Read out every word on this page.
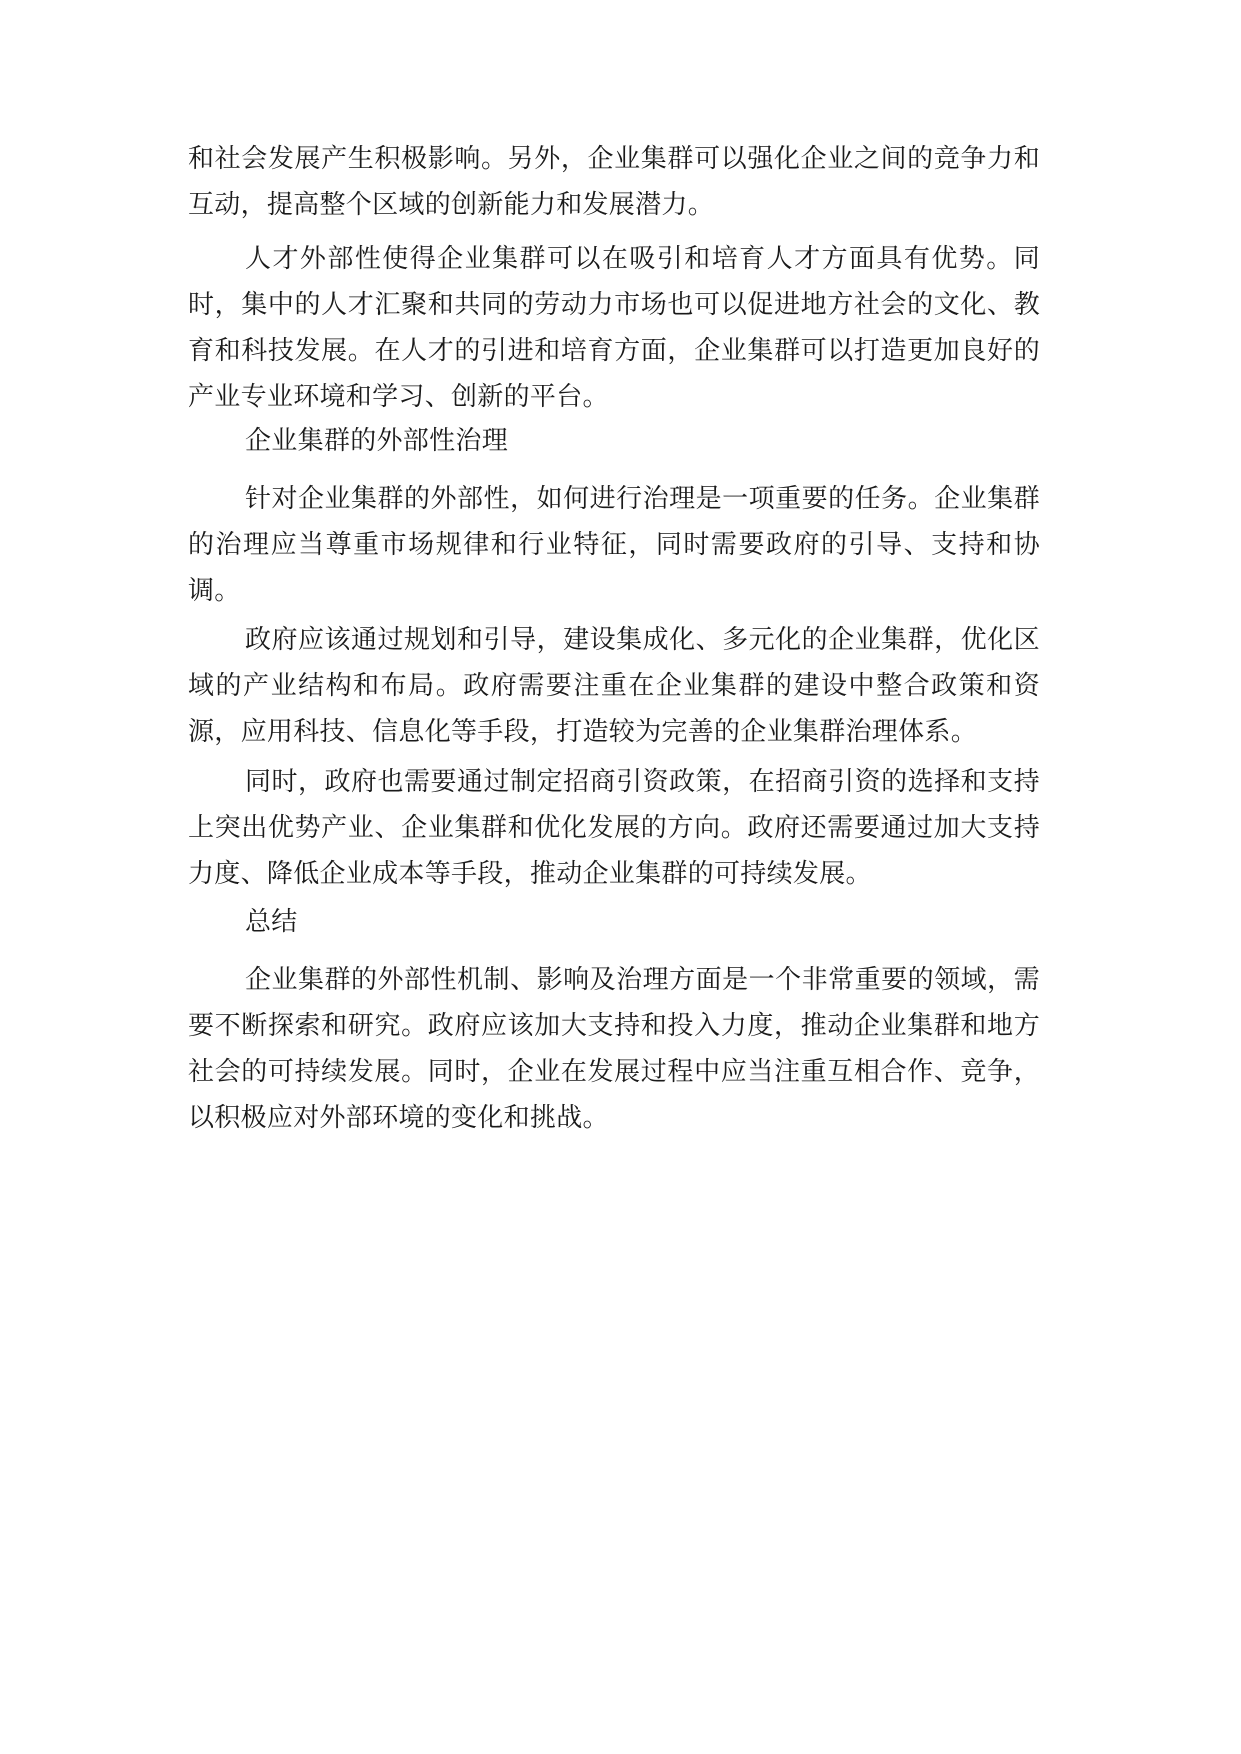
和社会发展产生积极影响。另外，企业集群可以强化企业之间的竞争力和互动，提高整个区域的创新能力和发展潜力。

人才外部性使得企业集群可以在吸引和培育人才方面具有优势。同时，集中的人才汇聚和共同的劳动力市场也可以促进地方社会的文化、教育和科技发展。在人才的引进和培育方面，企业集群可以打造更加良好的产业专业环境和学习、创新的平台。

企业集群的外部性治理

针对企业集群的外部性，如何进行治理是一项重要的任务。企业集群的治理应当尊重市场规律和行业特征，同时需要政府的引导、支持和协调。

政府应该通过规划和引导，建设集成化、多元化的企业集群，优化区域的产业结构和布局。政府需要注重在企业集群的建设中整合政策和资源，应用科技、信息化等手段，打造较为完善的企业集群治理体系。

同时，政府也需要通过制定招商引资政策，在招商引资的选择和支持上突出优势产业、企业集群和优化发展的方向。政府还需要通过加大支持力度、降低企业成本等手段，推动企业集群的可持续发展。

总结

企业集群的外部性机制、影响及治理方面是一个非常重要的领域，需要不断探索和研究。政府应该加大支持和投入力度，推动企业集群和地方社会的可持续发展。同时，企业在发展过程中应当注重互相合作、竞争，以积极应对外部环境的变化和挑战。
